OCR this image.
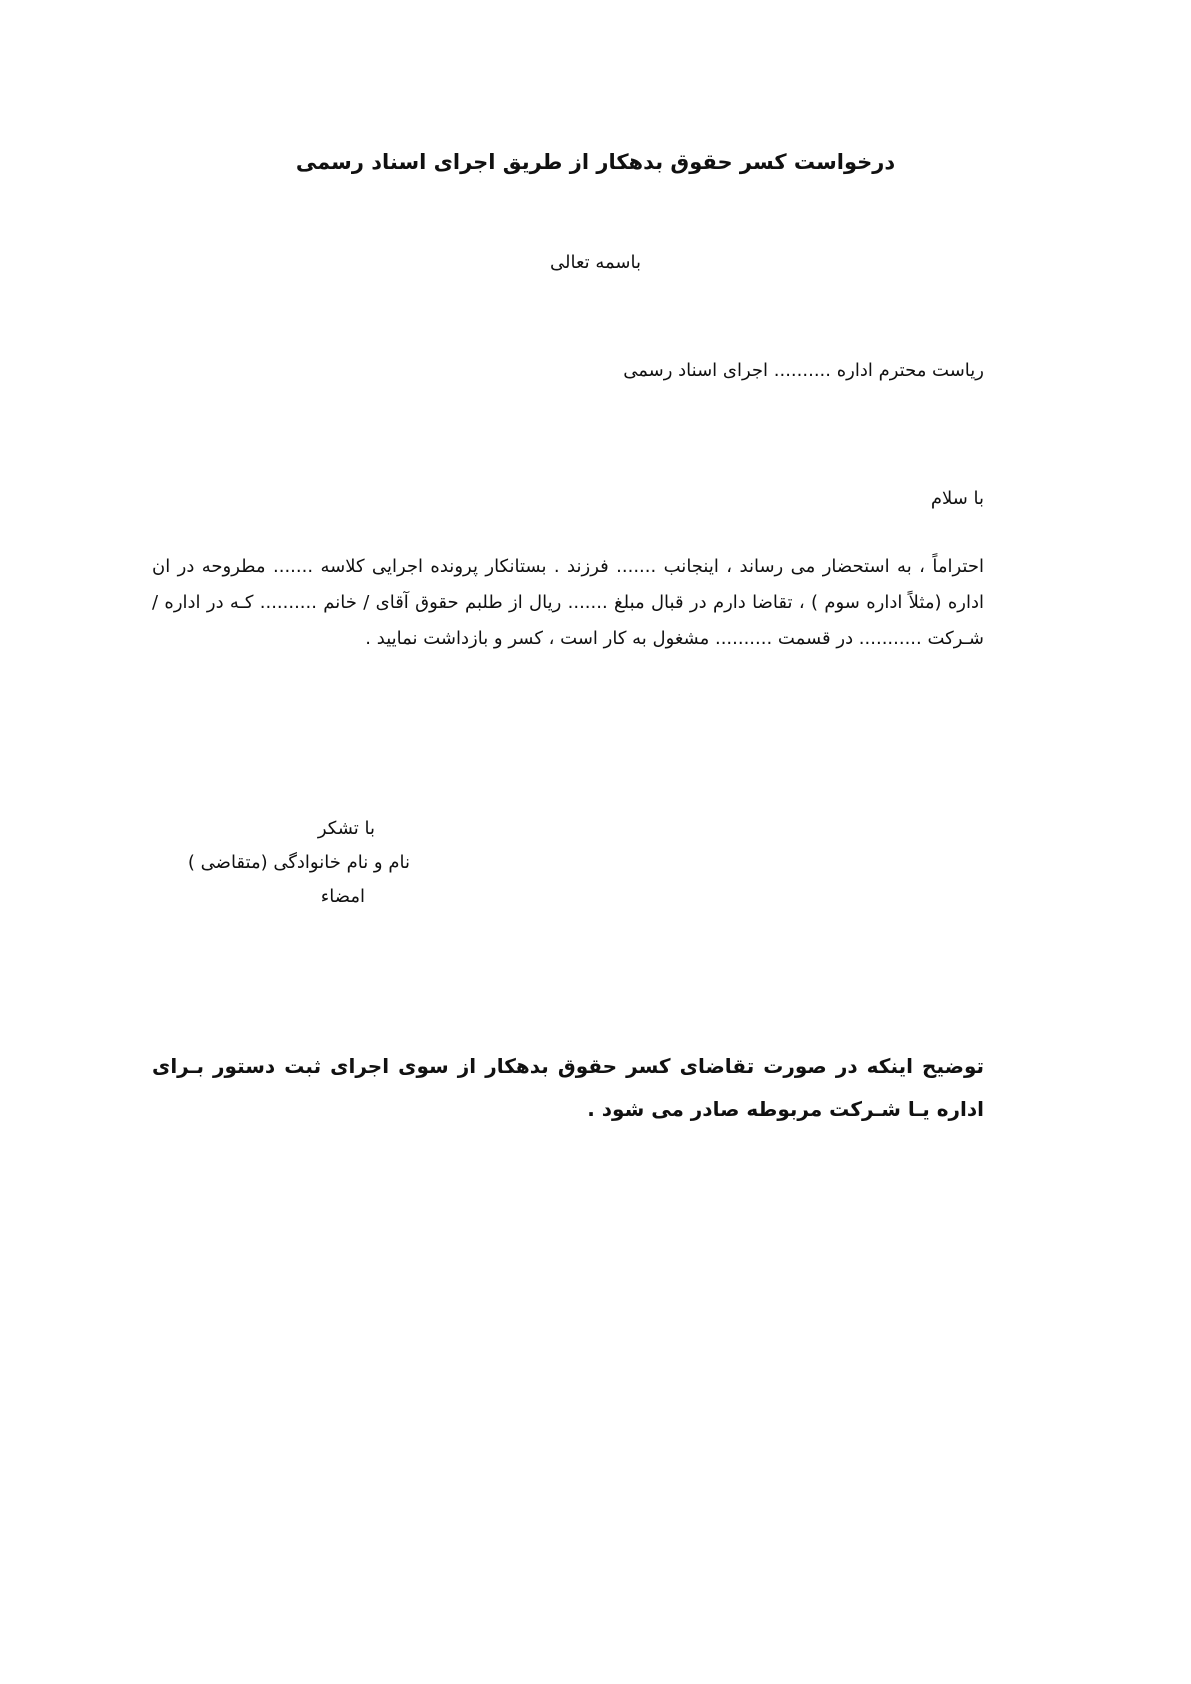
درخواست کسر حقوق بدهکار از طریق اجرای اسناد رسمی

باسمه تعالی

ریاست محترم اداره .......... اجرای اسناد رسمی

با سلام

احتراماً ، به استحضار می رساند ، اینجانب ....... فرزند . بستانکار پرونده اجرایی کلاسه ....... مطروحه در ان اداره (مثلاً اداره سوم ) ، تقاضا دارم در قبال مبلغ ....... ریال از طلبم حقوق آقای / خانم .......... کـه در اداره / شـرکت ........... در قسمت .......... مشغول به کار است ، کسر و بازداشت نمایید .

با تشکر
نام و نام خانوادگی (متقاضی )
امضاء

توضیح اینکه در صورت تقاضای کسر حقوق بدهکار از سوی اجرای ثبت دستور بـرای اداره یـا شـرکت مربوطه صادر می شود .
